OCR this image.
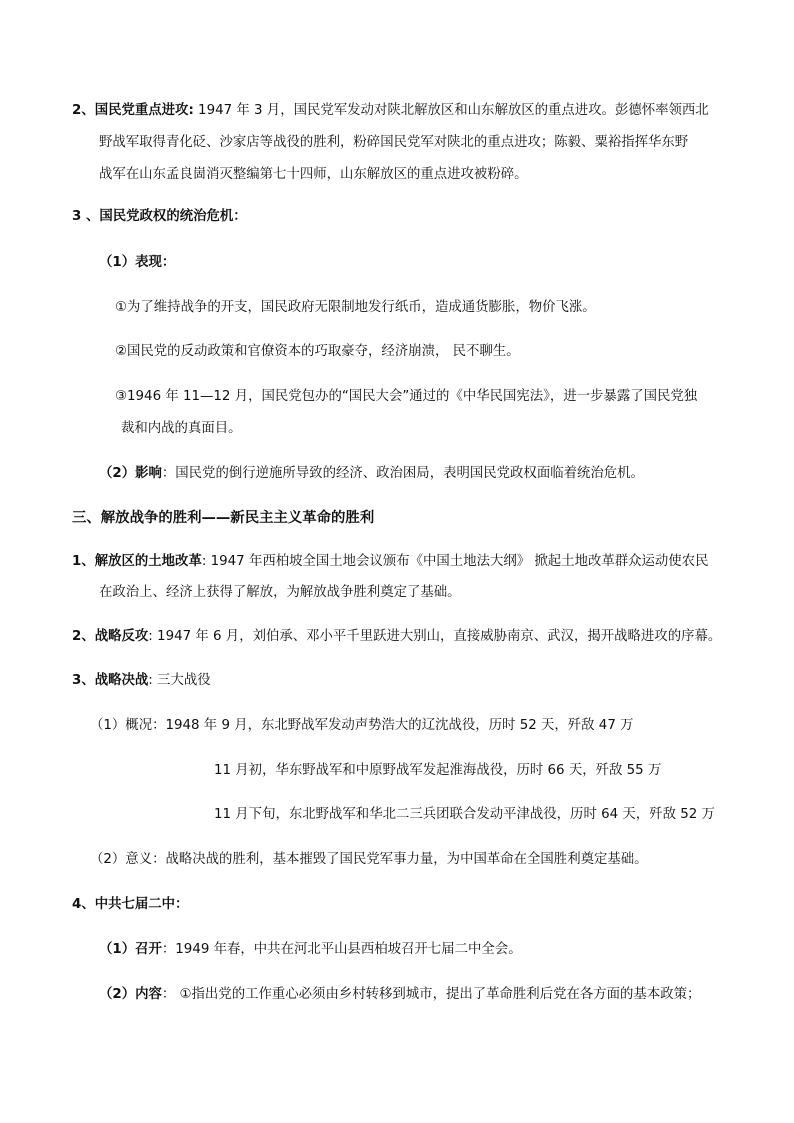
2、国民党重点进攻: 1947 年 3 月，国民党军发动对陕北解放区和山东解放区的重点进攻。彭德怀率领西北
野战军取得青化砭、沙家店等战役的胜利，粉碎国民党军对陕北的重点进攻；陈毅、粟裕指挥华东野
战军在山东孟良崮消灭整编第七十四师，山东解放区的重点进攻被粉碎。
3 、国民党政权的统治危机：
（1）表现：
①为了维持战争的开支，国民政府无限制地发行纸币，造成通货膨胀，物价飞涨。
②国民党的反动政策和官僚资本的巧取豪夺，经济崩溃， 民不聊生。
③1946 年 11—12 月，国民党包办的“国民大会”通过的《中华民国宪法》，进一步暴露了国民党独
裁和内战的真面目。
（2）影响：国民党的倒行逆施所导致的经济、政治困局，表明国民党政权面临着统治危机。
三、解放战争的胜利——新民主主义革命的胜利
1、解放区的土地改革: 1947 年西柏坡全国土地会议颁布《中国土地法大纲》 掀起土地改革群众运动使农民
在政治上、经济上获得了解放，为解放战争胜利奠定了基础。
2、战略反攻: 1947 年 6 月，刘伯承、邓小平千里跃进大别山，直接威胁南京、武汉，揭开战略进攻的序幕。
3、战略决战: 三大战役
（1）概况：1948 年 9 月，东北野战军发动声势浩大的辽沈战役，历时 52 天，歼敌 47 万
11 月初，华东野战军和中原野战军发起淮海战役，历时 66 天，歼敌 55 万
11 月下旬，东北野战军和华北二三兵团联合发动平津战役，历时 64 天，歼敌 52 万
（2）意义：战略决战的胜利，基本摧毁了国民党军事力量，为中国革命在全国胜利奠定基础。
4、中共七届二中：
（1）召开：1949 年春，中共在河北平山县西柏坡召开七届二中全会。
（2）内容： ①指出党的工作重心必须由乡村转移到城市，提出了革命胜利后党在各方面的基本政策；
